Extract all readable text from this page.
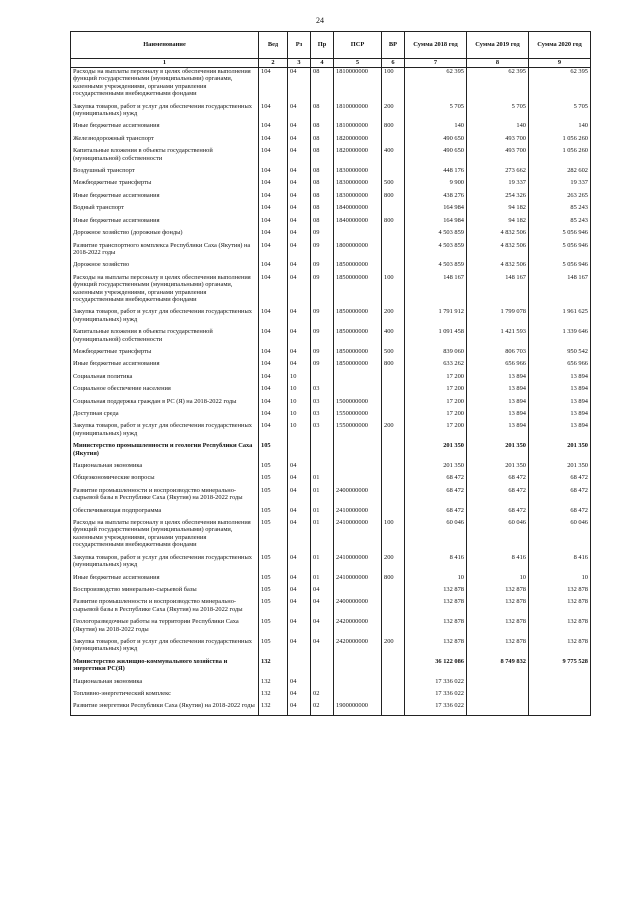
24
Наименование	Вед	Рз	Пр	ПСР	ВР	Сумма 2018 год	Сумма 2019 год	Сумма 2020 год
1	2	3	4	5	6	7	8	9
Расходы на выплаты персоналу в целях обеспечения выполнения функций государственными (муниципальными) органами, казенными учреждениями, органами управления государственными внебюджетными фондами	104	04	08	1810000000	100	62 395	62 395	62 395
Закупка товаров, работ и услуг для обеспечения государственных (муниципальных) нужд	104	04	08	1810000000	200	5 705	5 705	5 705
Иные бюджетные ассигнования	104	04	08	1810000000	800	140	140	140
Железнодорожный транспорт	104	04	08	1820000000		490 650	493 700	1 056 260
Капитальные вложения в объекты государственной (муниципальной) собственности	104	04	08	1820000000	400	490 650	493 700	1 056 260
Воздушный транспорт	104	04	08	1830000000		448 176	273 662	282 602
Межбюджетные трансферты	104	04	08	1830000000	500	9 900	19 337	19 337
Иные бюджетные ассигнования	104	04	08	1830000000	800	438 276	254 326	263 265
Водный транспорт	104	04	08	1840000000		164 984	94 182	85 243
Иные бюджетные ассигнования	104	04	08	1840000000	800	164 984	94 182	85 243
Дорожное хозяйство (дорожные фонды)	104	04	09			4 503 859	4 832 506	5 056 946
Развитие транспортного комплекса Республики Саха (Якутия) на 2018-2022 годы	104	04	09	1800000000		4 503 859	4 832 506	5 056 946
Дорожное хозяйство	104	04	09	1850000000		4 503 859	4 832 506	5 056 946
Расходы на выплаты персоналу в целях обеспечения выполнения функций государственными (муниципальными) органами, казенными учреждениями, органами управления государственными внебюджетными фондами	104	04	09	1850000000	100	148 167	148 167	148 167
Закупка товаров, работ и услуг для обеспечения государственных (муниципальных) нужд	104	04	09	1850000000	200	1 791 912	1 799 078	1 961 625
Капитальные вложения в объекты государственной (муниципальной) собственности	104	04	09	1850000000	400	1 091 458	1 421 593	1 339 646
Межбюджетные трансферты	104	04	09	1850000000	500	839 060	806 703	950 542
Иные бюджетные ассигнования	104	04	09	1850000000	800	633 262	656 966	656 966
Социальная политика	104	10				17 200	13 894	13 894
Социальное обеспечение населения	104	10	03			17 200	13 894	13 894
Социальная поддержка граждан в РС (Я) на 2018-2022 годы	104	10	03	1500000000		17 200	13 894	13 894
Доступная среда	104	10	03	1550000000		17 200	13 894	13 894
Закупка товаров, работ и услуг для обеспечения государственных (муниципальных) нужд	104	10	03	1550000000	200	17 200	13 894	13 894
Министерство промышленности и геологии Республики Саха (Якутия)	105					201 350	201 350	201 350
Национальная экономика	105	04				201 350	201 350	201 350
Общеэкономические вопросы	105	04	01			68 472	68 472	68 472
Развитие промышленности и воспроизводство минерально-сырьевой базы в Республике Саха (Якутия) на 2018-2022 годы	105	04	01	2400000000		68 472	68 472	68 472
Обеспечивающая подпрограмма	105	04	01	2410000000		68 472	68 472	68 472
Расходы на выплаты персоналу в целях обеспечения выполнения функций государственными (муниципальными) органами, казенными учреждениями, органами управления государственными внебюджетными фондами	105	04	01	2410000000	100	60 046	60 046	60 046
Закупка товаров, работ и услуг для обеспечения государственных (муниципальных) нужд	105	04	01	2410000000	200	8 416	8 416	8 416
Иные бюджетные ассигнования	105	04	01	2410000000	800	10	10	10
Воспроизводство минерально-сырьевой базы	105	04	04			132 878	132 878	132 878
Развитие промышленности и воспроизводство минерально-сырьевой базы в Республике Саха (Якутия) на 2018-2022 годы	105	04	04	2400000000		132 878	132 878	132 878
Геологоразведочные работы на территории Республики Саха (Якутия) на 2018-2022 годы	105	04	04	2420000000		132 878	132 878	132 878
Закупка товаров, работ и услуг для обеспечения государственных (муниципальных) нужд	105	04	04	2420000000	200	132 878	132 878	132 878
Министерство жилищно-коммунального хозяйства и энергетики РС(Я)	132					36 122 086	8 749 832	9 775 528
Национальная экономика	132	04				17 336 022		
Топливно-энергетический комплекс	132	04	02			17 336 022		
Развитие энергетики Республики Саха (Якутия) на 2018-2022 годы	132	04	02	1900000000		17 336 022		
